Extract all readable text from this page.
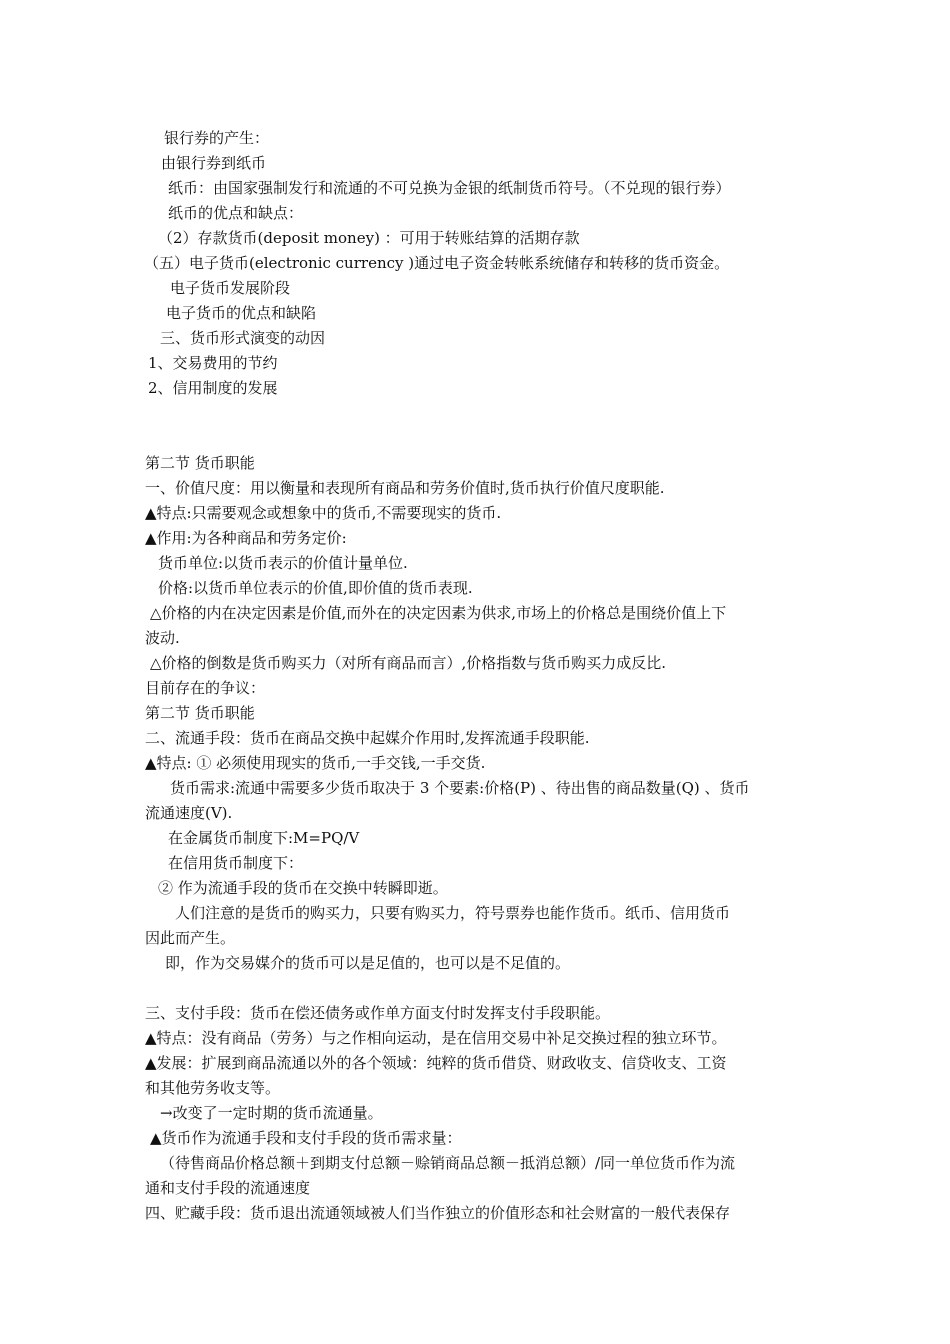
银行券的产生：
由银行券到纸币
纸币：由国家强制发行和流通的不可兑换为金银的纸制货币符号。（不兑现的银行券）
纸币的优点和缺点：
（2）存款货币(deposit money) ：可用于转账结算的活期存款
（五）电子货币(electronic currency )通过电子资金转帐系统储存和转移的货币资金。
电子货币发展阶段
电子货币的优点和缺陷
三、货币形式演变的动因
1、交易费用的节约
2、信用制度的发展
第二节 货币职能
一、价值尺度：用以衡量和表现所有商品和劳务价值时,货币执行价值尺度职能.
▲特点:只需要观念或想象中的货币,不需要现实的货币.
▲作用:为各种商品和劳务定价:
货币单位:以货币表示的价值计量单位.
价格:以货币单位表示的价值,即价值的货币表现.
△价格的内在决定因素是价值,而外在的决定因素为供求,市场上的价格总是围绕价值上下
波动.
△价格的倒数是货币购买力（对所有商品而言）,价格指数与货币购买力成反比.
目前存在的争议：
第二节 货币职能
二、流通手段：货币在商品交换中起媒介作用时,发挥流通手段职能.
▲特点: ① 必须使用现实的货币,一手交钱,一手交货.
货币需求:流通中需要多少货币取决于 3 个要素:价格(P) 、待出售的商品数量(Q) 、货币
流通速度(V).
在金属货币制度下:M=PQ/V
在信用货币制度下：
② 作为流通手段的货币在交换中转瞬即逝。
人们注意的是货币的购买力，只要有购买力，符号票券也能作货币。纸币、信用货币
因此而产生。
即，作为交易媒介的货币可以是足值的，也可以是不足值的。
三、支付手段：货币在偿还债务或作单方面支付时发挥支付手段职能。
▲特点：没有商品（劳务）与之作相向运动，是在信用交易中补足交换过程的独立环节。
▲发展：扩展到商品流通以外的各个领域：纯粹的货币借贷、财政收支、信贷收支、工资
和其他劳务收支等。
→改变了一定时期的货币流通量。
▲货币作为流通手段和支付手段的货币需求量：
（待售商品价格总额＋到期支付总额－赊销商品总额－抵消总额）/同一单位货币作为流
通和支付手段的流通速度
四、贮藏手段：货币退出流通领域被人们当作独立的价值形态和社会财富的一般代表保存
